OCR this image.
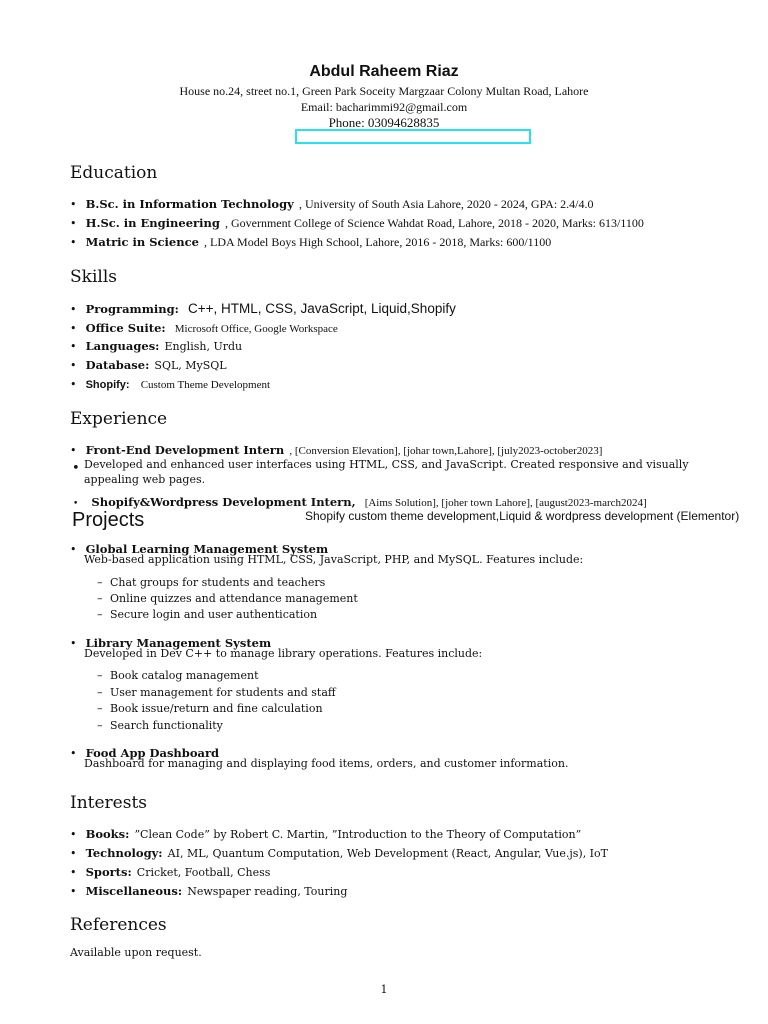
Abdul Raheem Riaz
House no.24, street no.1, Green Park Soceity Margzaar Colony Multan Road, Lahore
Email: bacharimmi92@gmail.com
Phone: 03094628835
Education
• B.Sc. in Information Technology , University of South Asia Lahore, 2020 - 2024, GPA: 2.4/4.0
• H.Sc. in Engineering , Government College of Science Wahdat Road, Lahore, 2018 - 2020, Marks: 613/1100
• Matric in Science , LDA Model Boys High School, Lahore, 2016 - 2018, Marks: 600/1100
Skills
• Programming: C++, HTML, CSS, JavaScript, Liquid,Shopify
• Office Suite: Microsoft Office, Google Workspace
• Languages: English, Urdu
• Database: SQL, MySQL
• Shopify: Custom Theme Development
Experience
• Front-End Development Intern , [Conversion Elevation], [johar town,Lahore], [july2023-october2023]
• Developed and enhanced user interfaces using HTML, CSS, and JavaScript. Created responsive and visually
appealing web pages.
• Shopify&Wordpress Development Intern, [Aims Solution], [joher town Lahore], [august2023-march2024]
Projects	Shopify custom theme development,Liquid & wordpress development (Elementor)
• Global Learning Management System
Web-based application using HTML, CSS, JavaScript, PHP, and MySQL. Features include:
– Chat groups for students and teachers
– Online quizzes and attendance management
– Secure login and user authentication
• Library Management System
Developed in Dev C++ to manage library operations. Features include:
– Book catalog management
– User management for students and staff
– Book issue/return and fine calculation
– Search functionality
• Food App Dashboard
Dashboard for managing and displaying food items, orders, and customer information.
Interests
• Books: ”Clean Code” by Robert C. Martin, ”Introduction to the Theory of Computation”
• Technology: AI, ML, Quantum Computation, Web Development (React, Angular, Vue.js), IoT
• Sports: Cricket, Football, Chess
• Miscellaneous: Newspaper reading, Touring
References
Available upon request.
1
